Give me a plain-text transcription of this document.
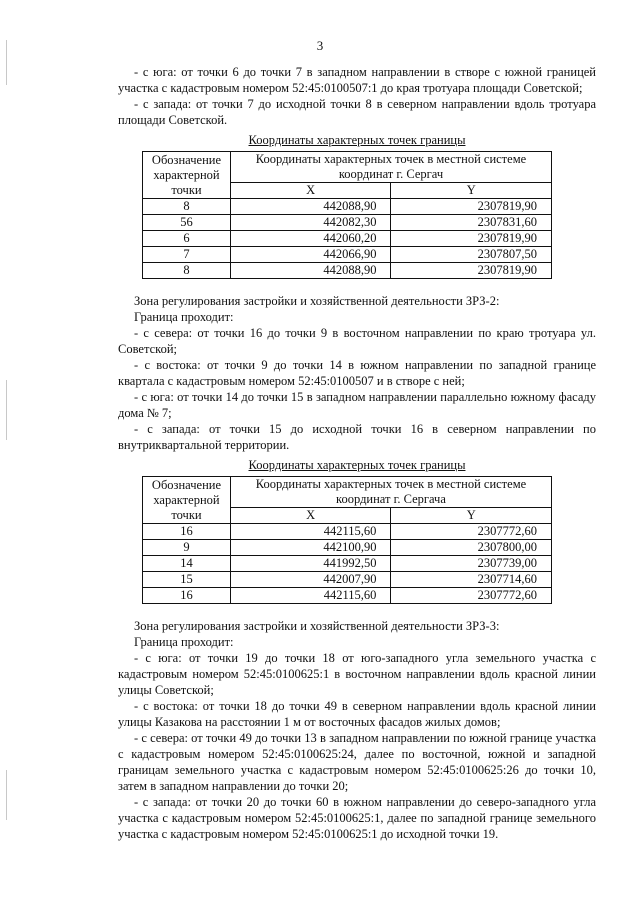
3

- с юга: от точки 6 до точки 7 в западном направлении в створе с южной границей участка с кадастровым номером 52:45:0100507:1 до края тротуара площади Советской;

- с запада: от точки 7 до исходной точки 8 в северном направлении вдоль тротуара площади Советской.

Координаты характерных точек границы
Обозначение характерной точки	Координаты характерных точек в местной системе координат г. Сергач	
	X	Y
8	442088,90	2307819,90
56	442082,30	2307831,60
6	442060,20	2307819,90
7	442066,90	2307807,50
8	442088,90	2307819,90

Зона регулирования застройки и хозяйственной деятельности ЗРЗ-2:

Граница проходит:

- с севера: от точки 16 до точки 9 в восточном направлении по краю тротуара ул. Советской;

- с востока: от точки 9 до точки 14 в южном направлении по западной границе квартала с кадастровым номером 52:45:0100507 и в створе с ней;

- с юга: от точки 14 до точки 15 в западном направлении параллельно южному фасаду дома № 7;

- с запада: от точки 15 до исходной точки 16 в северном направлении по внутриквартальной территории.

Координаты характерных точек границы
Обозначение характерной точки	Координаты характерных точек в местной системе координат г. Сергача	
	X	Y
16	442115,60	2307772,60
9	442100,90	2307800,00
14	441992,50	2307739,00
15	442007,90	2307714,60
16	442115,60	2307772,60

Зона регулирования застройки и хозяйственной деятельности ЗРЗ-3:

Граница проходит:

- с юга: от точки 19 до точки 18 от юго-западного угла земельного участка с кадастровым номером 52:45:0100625:1 в восточном направлении вдоль красной линии улицы Советской;

- с востока: от точки 18 до точки 49 в северном направлении вдоль красной линии улицы Казакова на расстоянии 1 м от восточных фасадов жилых домов;

- с севера: от точки 49 до точки 13 в западном направлении по южной границе участка с кадастровым номером 52:45:0100625:24, далее по восточной, южной и западной границам земельного участка с кадастровым номером 52:45:0100625:26 до точки 10, затем в западном направлении до точки 20;

- с запада: от точки 20 до точки 60 в южном направлении до северо-западного угла участка с кадастровым номером 52:45:0100625:1, далее по западной границе земельного участка с кадастровым номером 52:45:0100625:1 до исходной точки 19.
